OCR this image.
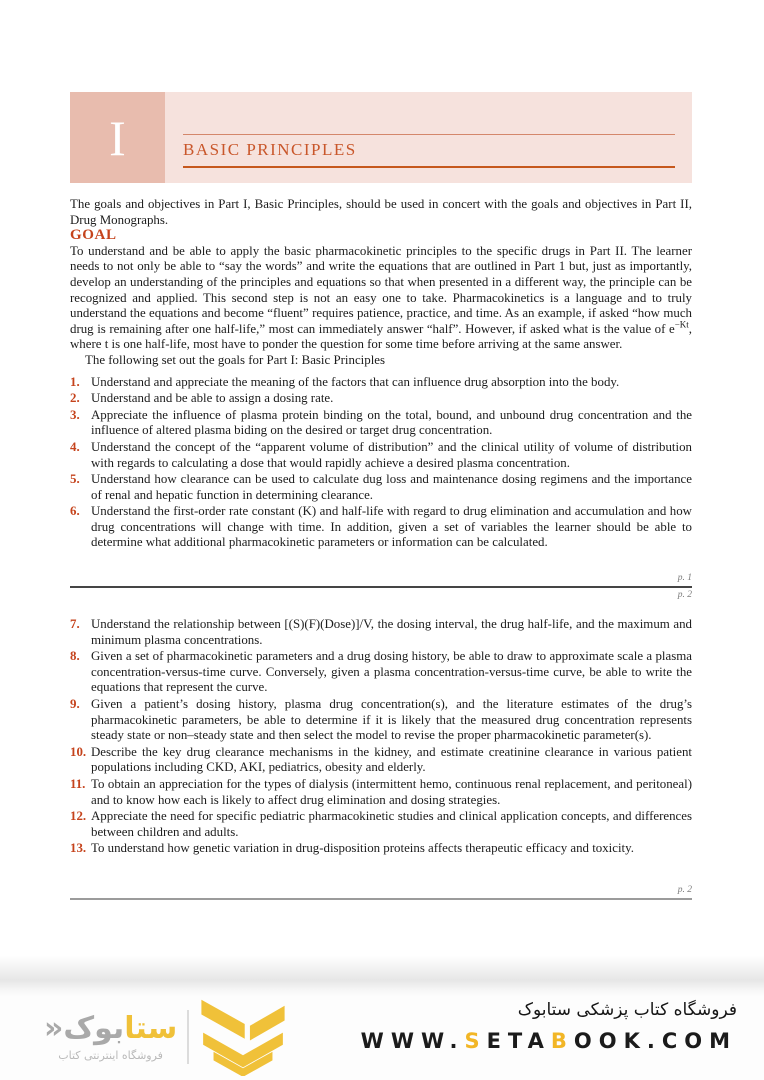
I	BASIC PRINCIPLES

The goals and objectives in Part I, Basic Principles, should be used in concert with the goals and objectives in Part II, Drug Monographs.

GOAL

To understand and be able to apply the basic pharmacokinetic principles to the specific drugs in Part II. The learner needs to not only be able to “say the words” and write the equations that are outlined in Part 1 but, just as importantly, develop an understanding of the principles and equations so that when presented in a different way, the principle can be recognized and applied. This second step is not an easy one to take. Pharmacokinetics is a language and to truly understand the equations and become “fluent” requires patience, practice, and time. As an example, if asked “how much drug is remaining after one half-life,” most can immediately answer “half”. However, if asked what is the value of $e^{-Kt}$, where t is one half-life, most have to ponder the question for some time before arriving at the same answer.

The following set out the goals for Part I: Basic Principles

1. Understand and appreciate the meaning of the factors that can influence drug absorption into the body.
2. Understand and be able to assign a dosing rate.
3. Appreciate the influence of plasma protein binding on the total, bound, and unbound drug concentration and the influence of altered plasma biding on the desired or target drug concentration.
4. Understand the concept of the “apparent volume of distribution” and the clinical utility of volume of distribution with regards to calculating a dose that would rapidly achieve a desired plasma concentration.
5. Understand how clearance can be used to calculate dug loss and maintenance dosing regimens and the importance of renal and hepatic function in determining clearance.
6. Understand the first-order rate constant (K) and half-life with regard to drug elimination and accumulation and how drug concentrations will change with time. In addition, given a set of variables the learner should be able to determine what additional pharmacokinetic parameters or information can be calculated.

p. 1

p. 2

7. Understand the relationship between [(S)(F)(Dose)]/V, the dosing interval, the drug half-life, and the maximum and minimum plasma concentrations.
8. Given a set of pharmacokinetic parameters and a drug dosing history, be able to draw to approximate scale a plasma concentration-versus-time curve. Conversely, given a plasma concentration-versus-time curve, be able to write the equations that represent the curve.
9. Given a patient’s dosing history, plasma drug concentration(s), and the literature estimates of the drug’s pharmacokinetic parameters, be able to determine if it is likely that the measured drug concentration represents steady state or non–steady state and then select the model to revise the proper pharmacokinetic parameter(s).
10. Describe the key drug clearance mechanisms in the kidney, and estimate creatinine clearance in various patient populations including CKD, AKI, pediatrics, obesity and elderly.
11. To obtain an appreciation for the types of dialysis (intermittent hemo, continuous renal replacement, and peritoneal) and to know how each is likely to affect drug elimination and dosing strategies.
12. Appreciate the need for specific pediatric pharmacokinetic studies and clinical application concepts, and differences between children and adults.
13. To understand how genetic variation in drug-disposition proteins affects therapeutic efficacy and toxicity.

p. 2

ستابوک«
فروشگاه اینترنتی کتاب
فروشگاه کتاب پزشکی ستابوک
WWW.SETABOOK.COM
